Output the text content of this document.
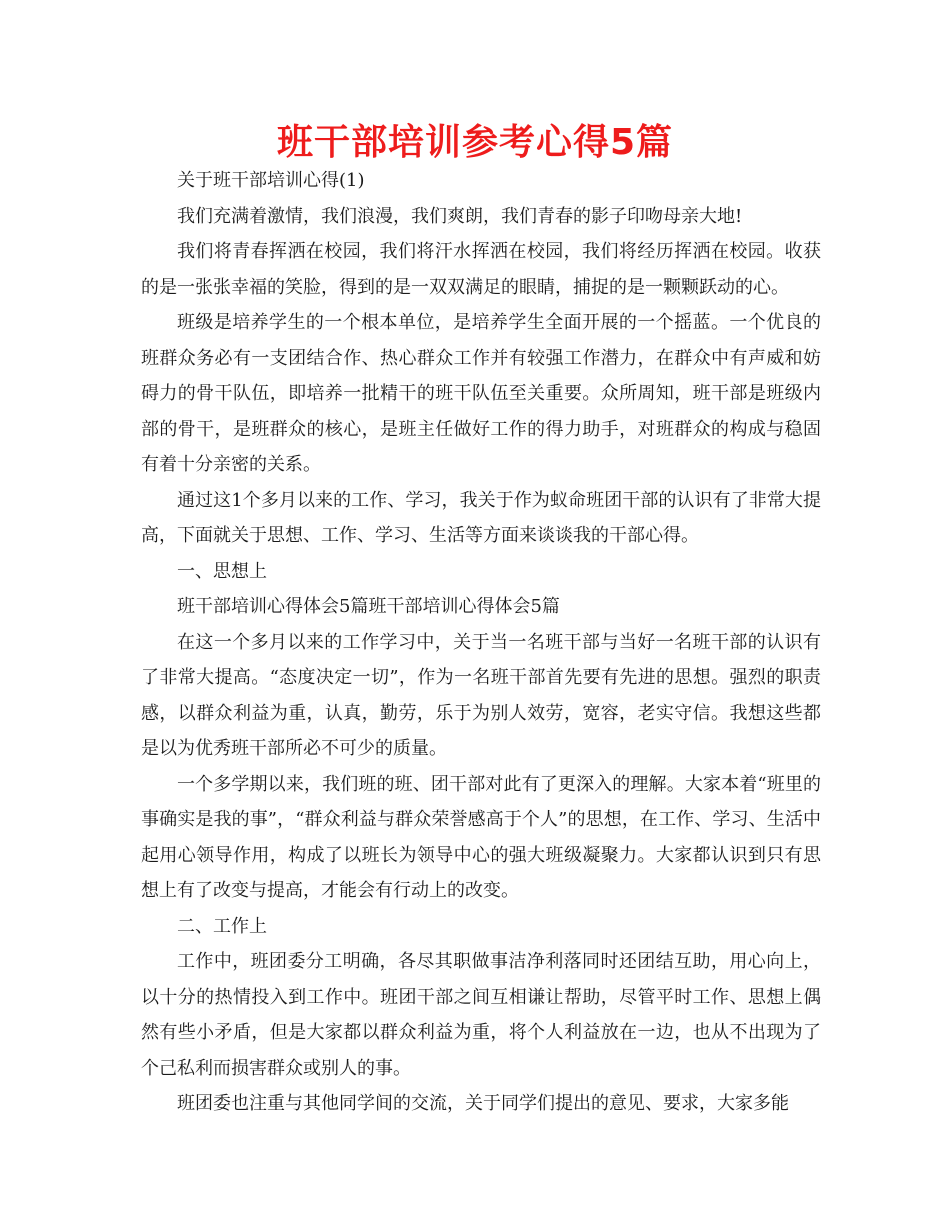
班干部培训参考心得5篇

关于班干部培训心得(1)

我们充满着激情，我们浪漫，我们爽朗，我们青春的影子印吻母亲大地!

我们将青春挥洒在校园，我们将汗水挥洒在校园，我们将经历挥洒在校园。收获的是一张张幸福的笑脸，得到的是一双双满足的眼睛，捕捉的是一颗颗跃动的心。

班级是培养学生的一个根本单位，是培养学生全面开展的一个摇蓝。一个优良的班群众务必有一支团结合作、热心群众工作并有较强工作潜力，在群众中有声威和妨碍力的骨干队伍，即培养一批精干的班干队伍至关重要。众所周知，班干部是班级内部的骨干，是班群众的核心，是班主任做好工作的得力助手，对班群众的构成与稳固有着十分亲密的关系。

通过这1个多月以来的工作、学习，我关于作为蚁命班团干部的认识有了非常大提高，下面就关于思想、工作、学习、生活等方面来谈谈我的干部心得。

一、思想上

班干部培训心得体会5篇班干部培训心得体会5篇

在这一个多月以来的工作学习中，关于当一名班干部与当好一名班干部的认识有了非常大提高。“态度决定一切”，作为一名班干部首先要有先进的思想。强烈的职责感，以群众利益为重，认真，勤劳，乐于为别人效劳，宽容，老实守信。我想这些都是以为优秀班干部所必不可少的质量。

一个多学期以来，我们班的班、团干部对此有了更深入的理解。大家本着“班里的事确实是我的事”，“群众利益与群众荣誉感高于个人”的思想，在工作、学习、生活中起用心领导作用，构成了以班长为领导中心的强大班级凝聚力。大家都认识到只有思想上有了改变与提高，才能会有行动上的改变。

二、工作上

工作中，班团委分工明确，各尽其职做事洁净利落同时还团结互助，用心向上，以十分的热情投入到工作中。班团干部之间互相谦让帮助，尽管平时工作、思想上偶然有些小矛盾，但是大家都以群众利益为重，将个人利益放在一边，也从不出现为了个己私利而损害群众或别人的事。

班团委也注重与其他同学间的交流，关于同学们提出的意见、要求，大家多能
